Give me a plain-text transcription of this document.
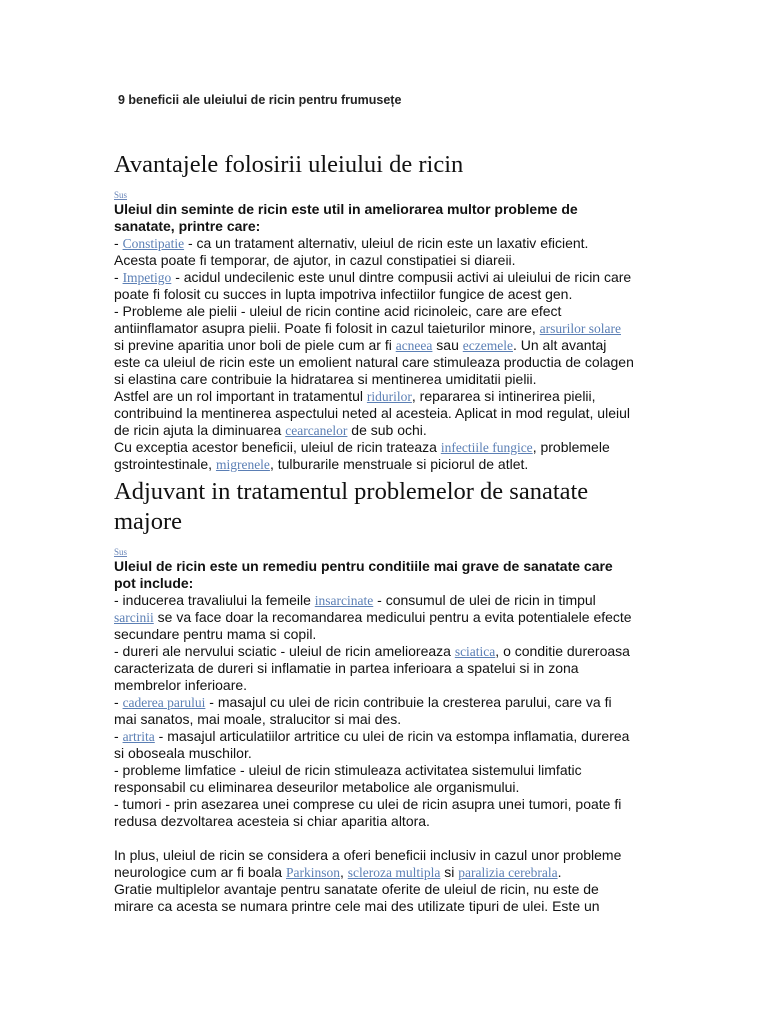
9 beneficii ale uleiului de ricin pentru frumusețe
Avantajele folosirii uleiului de ricin
Sus

Uleiul din seminte de ricin este util in ameliorarea multor probleme de sanatate, printre care:

- Constipatie - ca un tratament alternativ, uleiul de ricin este un laxativ eficient. Acesta poate fi temporar, de ajutor, in cazul constipatiei si diareii.

- Impetigo - acidul undecilenic este unul dintre compusii activi ai uleiului de ricin care poate fi folosit cu succes in lupta impotriva infectiilor fungice de acest gen.

- Probleme ale pielii - uleiul de ricin contine acid ricinoleic, care are efect antiinflamator asupra pielii. Poate fi folosit in cazul taieturilor minore, arsurilor solare si previne aparitia unor boli de piele cum ar fi acneea sau eczemele. Un alt avantaj este ca uleiul de ricin este un emolient natural care stimuleaza productia de colagen si elastina care contribuie la hidratarea si mentinerea umiditatii pielii.

Astfel are un rol important in tratamentul ridurilor, repararea si intinerirea pielii, contribuind la mentinerea aspectului neted al acesteia. Aplicat in mod regulat, uleiul de ricin ajuta la diminuarea cearcanelor de sub ochi.

Cu exceptia acestor beneficii, uleiul de ricin trateaza infectiile fungice, problemele gstrointestinale, migrenele, tulburarile menstruale si piciorul de atlet.

Adjuvant in tratamentul problemelor de sanatate majore
Sus

Uleiul de ricin este un remediu pentru conditiile mai grave de sanatate care pot include:

- inducerea travaliului la femeile insarcinate - consumul de ulei de ricin in timpul sarcinii se va face doar la recomandarea medicului pentru a evita potentialele efecte secundare pentru mama si copil.

- dureri ale nervului sciatic - uleiul de ricin amelioreaza sciatica, o conditie dureroasa caracterizata de dureri si inflamatie in partea inferioara a spatelui si in zona membrelor inferioare.

- caderea parului - masajul cu ulei de ricin contribuie la cresterea parului, care va fi mai sanatos, mai moale, stralucitor si mai des.

- artrita - masajul articulatiilor artritice cu ulei de ricin va estompa inflamatia, durerea si oboseala muschilor.

- probleme limfatice - uleiul de ricin stimuleaza activitatea sistemului limfatic responsabil cu eliminarea deseurilor metabolice ale organismului.

- tumori - prin asezarea unei comprese cu ulei de ricin asupra unei tumori, poate fi redusa dezvoltarea acesteia si chiar aparitia altora.

In plus, uleiul de ricin se considera a oferi beneficii inclusiv in cazul unor probleme neurologice cum ar fi boala Parkinson, scleroza multipla si paralizia cerebrala.

Gratie multiplelor avantaje pentru sanatate oferite de uleiul de ricin, nu este de mirare ca acesta se numara printre cele mai des utilizate tipuri de ulei. Este un
